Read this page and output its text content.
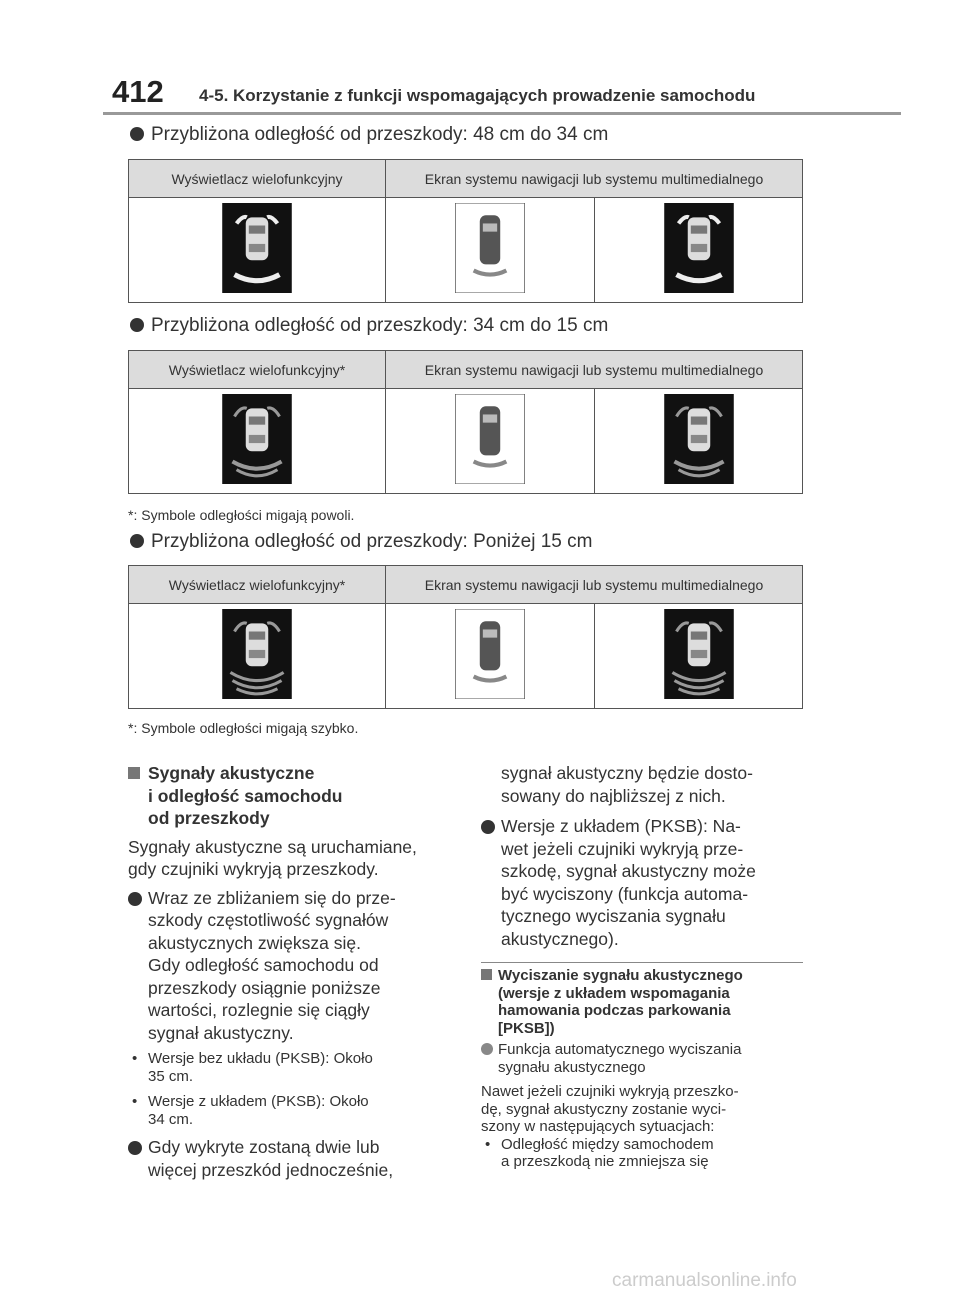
412 4-5. Korzystanie z funkcji wspomagających prowadzenie samochodu
Przybliżona odległość od przeszkody: 48 cm do 34 cm
Wyświetlacz wielofunkcyjny	Ekran systemu nawigacji lub systemu multimedialnego	

Przybliżona odległość od przeszkody: 34 cm do 15 cm
Wyświetlacz wielofunkcyjny*	Ekran systemu nawigacji lub systemu multimedialnego	

*: Symbole odległości migają powoli.
Przybliżona odległość od przeszkody: Poniżej 15 cm
Wyświetlacz wielofunkcyjny*	Ekran systemu nawigacji lub systemu multimedialnego	

*: Symbole odległości migają szybko.
Sygnały akustyczne
i odległość samochodu
od przeszkody
Sygnały akustyczne są uruchamiane,
gdy czujniki wykryją przeszkody.
Wraz ze zbliżaniem się do prze-
szkody częstotliwość sygnałów
akustycznych zwiększa się.
Gdy odległość samochodu od
przeszkody osiągnie poniższe
wartości, rozlegnie się ciągły
sygnał akustyczny.
• Wersje bez układu (PKSB): Około
35 cm.
• Wersje z układem (PKSB): Około
34 cm.
Gdy wykryte zostaną dwie lub
więcej przeszkód jednocześnie,
sygnał akustyczny będzie dosto-
sowany do najbliższej z nich.
Wersje z układem (PKSB): Na-
wet jeżeli czujniki wykryją prze-
szkodę, sygnał akustyczny może
być wyciszony (funkcja automa-
tycznego wyciszania sygnału
akustycznego).
Wyciszanie sygnału akustycznego
(wersje z układem wspomagania
hamowania podczas parkowania
[PKSB])
Funkcja automatycznego wyciszania
sygnału akustycznego
Nawet jeżeli czujniki wykryją przeszko-
dę, sygnał akustyczny zostanie wyci-
szony w następujących sytuacjach:
• Odległość między samochodem
a przeszkodą nie zmniejsza się
carmanualsonline.info
